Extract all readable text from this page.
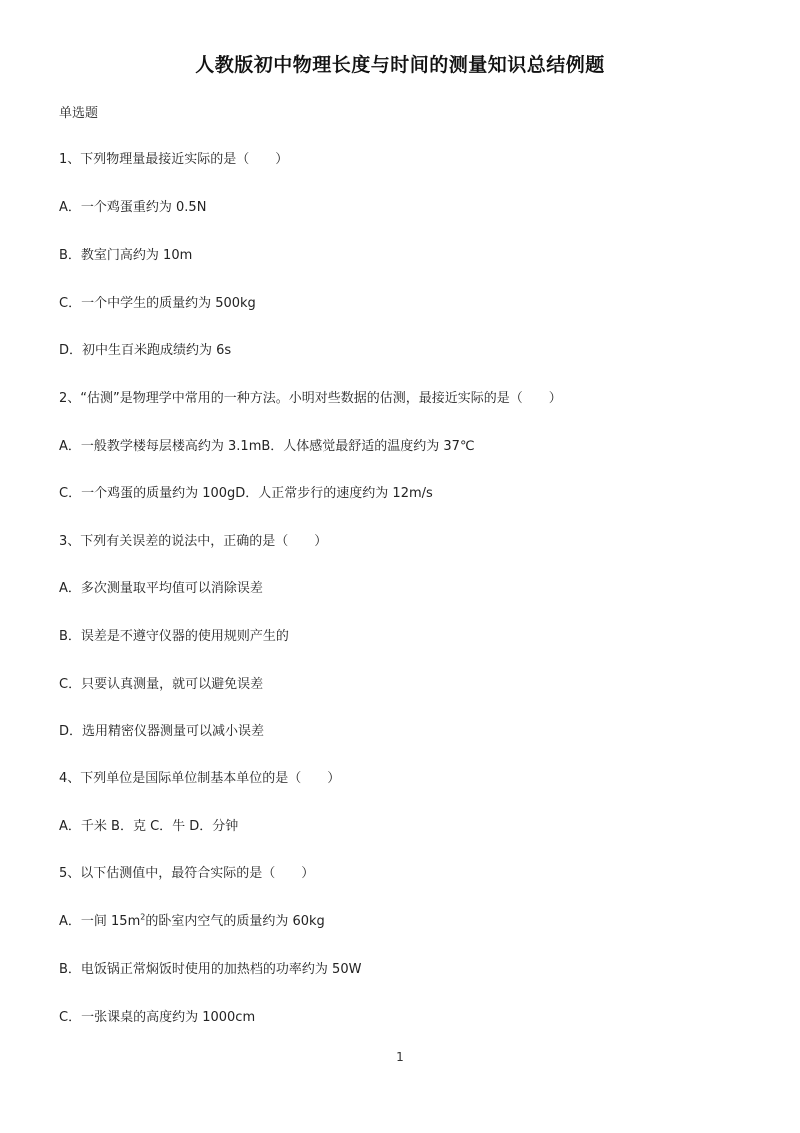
人教版初中物理长度与时间的测量知识总结例题
单选题
1、下列物理量最接近实际的是（　　）
A．一个鸡蛋重约为 0.5N
B．教室门高约为 10m
C．一个中学生的质量约为 500kg
D．初中生百米跑成绩约为 6s
2、“估测”是物理学中常用的一种方法。小明对些数据的估测，最接近实际的是（　　）
A．一般教学楼每层楼高约为 3.1mB．人体感觉最舒适的温度约为 37℃
C．一个鸡蛋的质量约为 100gD．人正常步行的速度约为 12m/s
3、下列有关误差的说法中，正确的是（　　）
A．多次测量取平均值可以消除误差
B．误差是不遵守仪器的使用规则产生的
C．只要认真测量，就可以避免误差
D．选用精密仪器测量可以减小误差
4、下列单位是国际单位制基本单位的是（　　）
A．千米 B．克 C．牛 D．分钟
5、以下估测值中，最符合实际的是（　　）
A．一间 $15m^2$的卧室内空气的质量约为 60kg
B．电饭锅正常焖饭时使用的加热档的功率约为 50W
C．一张课桌的高度约为 1000cm
1
